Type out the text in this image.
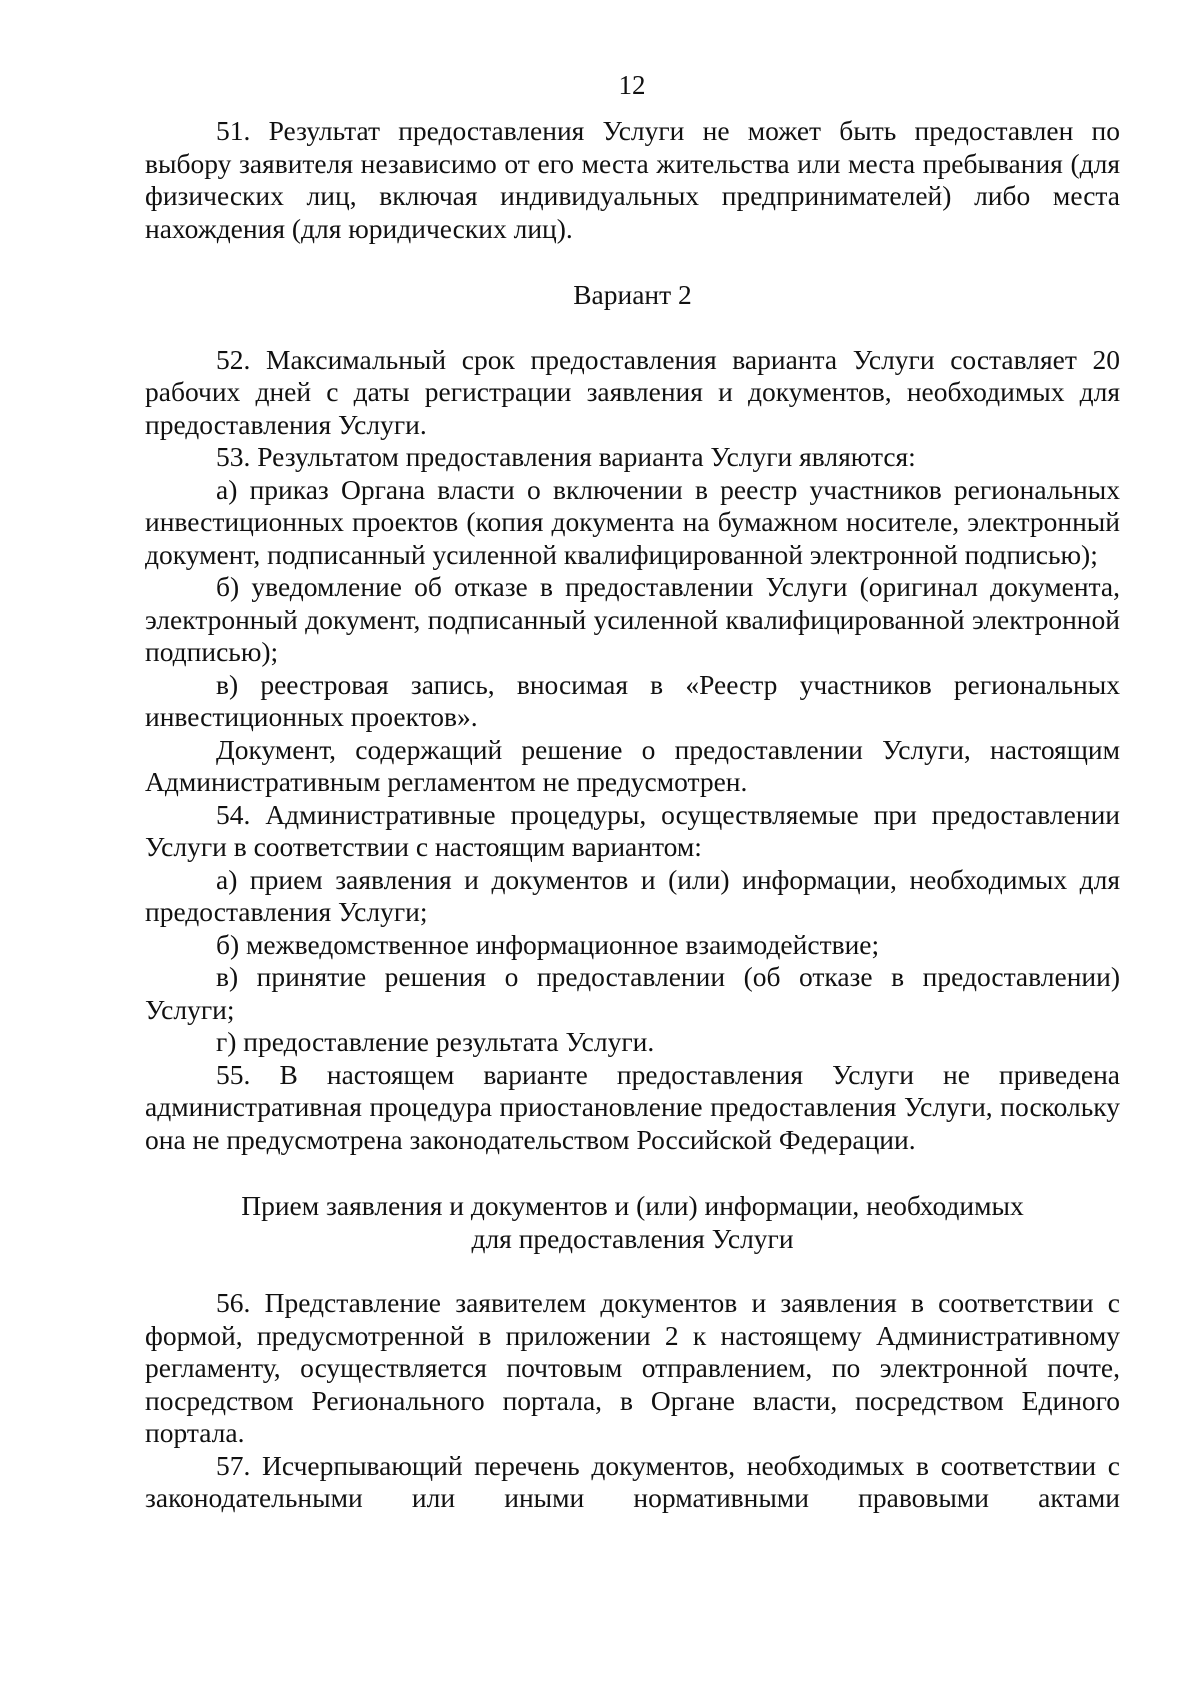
12

51. Результат предоставления Услуги не может быть предоставлен по выбору заявителя независимо от его места жительства или места пребывания (для физических лиц, включая индивидуальных предпринимателей) либо места нахождения (для юридических лиц).

Вариант 2

52. Максимальный срок предоставления варианта Услуги составляет 20 рабочих дней с даты регистрации заявления и документов, необходимых для предоставления Услуги.

53. Результатом предоставления варианта Услуги являются:

а) приказ Органа власти о включении в реестр участников региональных инвестиционных проектов (копия документа на бумажном носителе, электронный документ, подписанный усиленной квалифицированной электронной подписью);

б) уведомление об отказе в предоставлении Услуги (оригинал документа, электронный документ, подписанный усиленной квалифицированной электронной подписью);

в) реестровая запись, вносимая в «Реестр участников региональных инвестиционных проектов».

Документ, содержащий решение о предоставлении Услуги, настоящим Административным регламентом не предусмотрен.

54. Административные процедуры, осуществляемые при предоставлении Услуги в соответствии с настоящим вариантом:

а) прием заявления и документов и (или) информации, необходимых для предоставления Услуги;

б) межведомственное информационное взаимодействие;

в) принятие решения о предоставлении (об отказе в предоставлении) Услуги;

г) предоставление результата Услуги.

55. В настоящем варианте предоставления Услуги не приведена административная процедура приостановление предоставления Услуги, поскольку она не предусмотрена законодательством Российской Федерации.

Прием заявления и документов и (или) информации, необходимых

для предоставления Услуги

56. Представление заявителем документов и заявления в соответствии с формой, предусмотренной в приложении 2 к настоящему Административному регламенту, осуществляется почтовым отправлением, по электронной почте, посредством Регионального портала, в Органе власти, посредством Единого портала.

57. Исчерпывающий перечень документов, необходимых в соответствии с законодательными или иными нормативными правовыми актами
